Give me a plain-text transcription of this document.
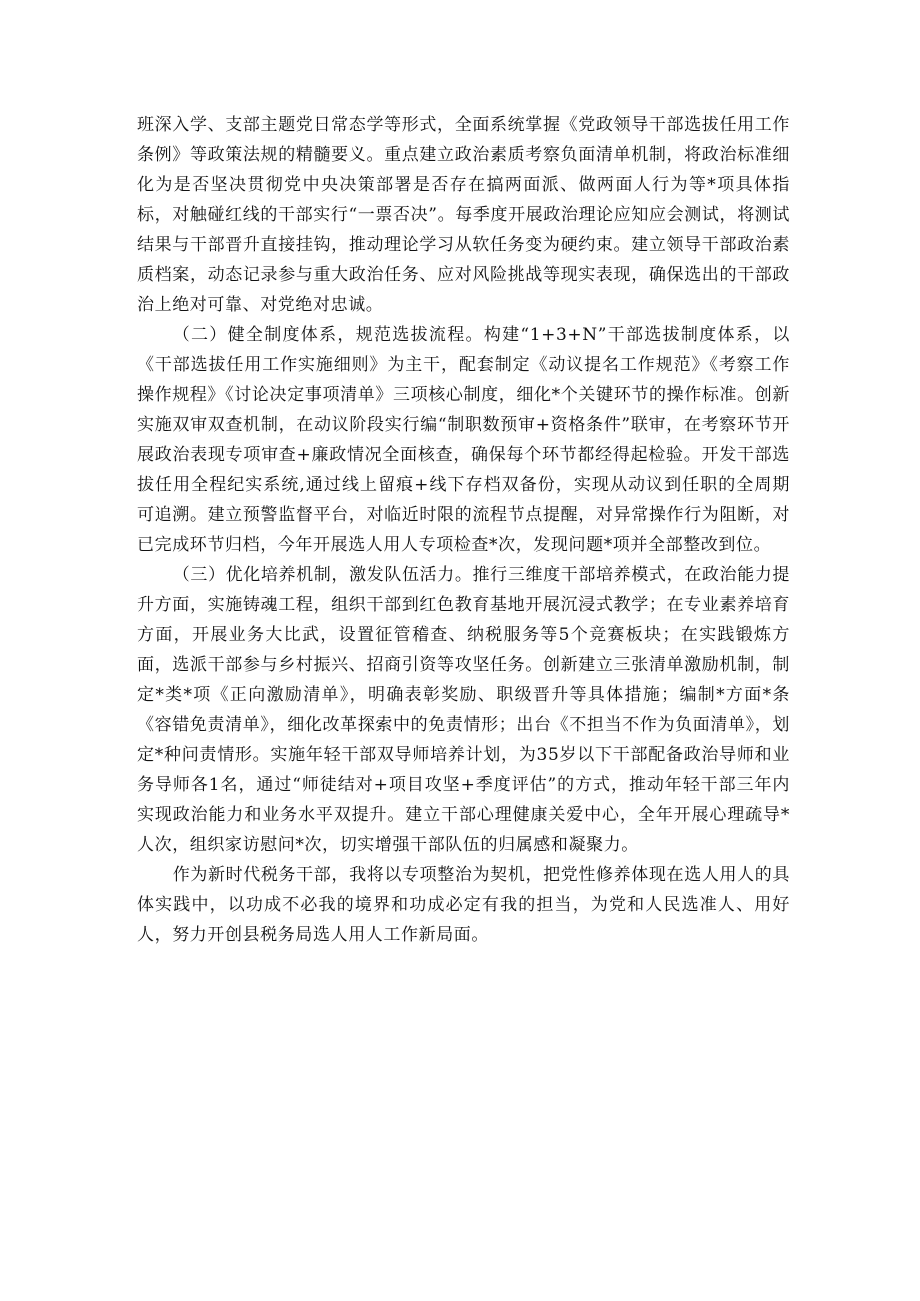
班深入学、支部主题党日常态学等形式，全面系统掌握《党政领导干部选拔任用工作条例》等政策法规的精髓要义。重点建立政治素质考察负面清单机制，将政治标准细化为是否坚决贯彻党中央决策部署是否存在搞两面派、做两面人行为等*项具体指标，对触碰红线的干部实行“一票否决”。每季度开展政治理论应知应会测试，将测试结果与干部晋升直接挂钩，推动理论学习从软任务变为硬约束。建立领导干部政治素质档案，动态记录参与重大政治任务、应对风险挑战等现实表现，确保选出的干部政治上绝对可靠、对党绝对忠诚。

（二）健全制度体系，规范选拔流程。构建“1+3+N”干部选拔制度体系，以《干部选拔任用工作实施细则》为主干，配套制定《动议提名工作规范》《考察工作操作规程》《讨论决定事项清单》三项核心制度，细化*个关键环节的操作标准。创新实施双审双查机制，在动议阶段实行编“制职数预审+资格条件”联审，在考察环节开展政治表现专项审查+廉政情况全面核查，确保每个环节都经得起检验。开发干部选拔任用全程纪实系统,通过线上留痕+线下存档双备份，实现从动议到任职的全周期可追溯。建立预警监督平台，对临近时限的流程节点提醒，对异常操作行为阻断，对已完成环节归档，今年开展选人用人专项检查*次，发现问题*项并全部整改到位。

（三）优化培养机制，激发队伍活力。推行三维度干部培养模式，在政治能力提升方面，实施铸魂工程，组织干部到红色教育基地开展沉浸式教学；在专业素养培育方面，开展业务大比武，设置征管稽查、纳税服务等5个竞赛板块；在实践锻炼方面，选派干部参与乡村振兴、招商引资等攻坚任务。创新建立三张清单激励机制，制定*类*项《正向激励清单》，明确表彰奖励、职级晋升等具体措施；编制*方面*条《容错免责清单》，细化改革探索中的免责情形；出台《不担当不作为负面清单》，划定*种问责情形。实施年轻干部双导师培养计划，为35岁以下干部配备政治导师和业务导师各1名，通过“师徒结对+项目攻坚+季度评估”的方式，推动年轻干部三年内实现政治能力和业务水平双提升。建立干部心理健康关爱中心，全年开展心理疏导*人次，组织家访慰问*次，切实增强干部队伍的归属感和凝聚力。

作为新时代税务干部，我将以专项整治为契机，把党性修养体现在选人用人的具体实践中，以功成不必我的境界和功成必定有我的担当，为党和人民选准人、用好人，努力开创县税务局选人用人工作新局面。
